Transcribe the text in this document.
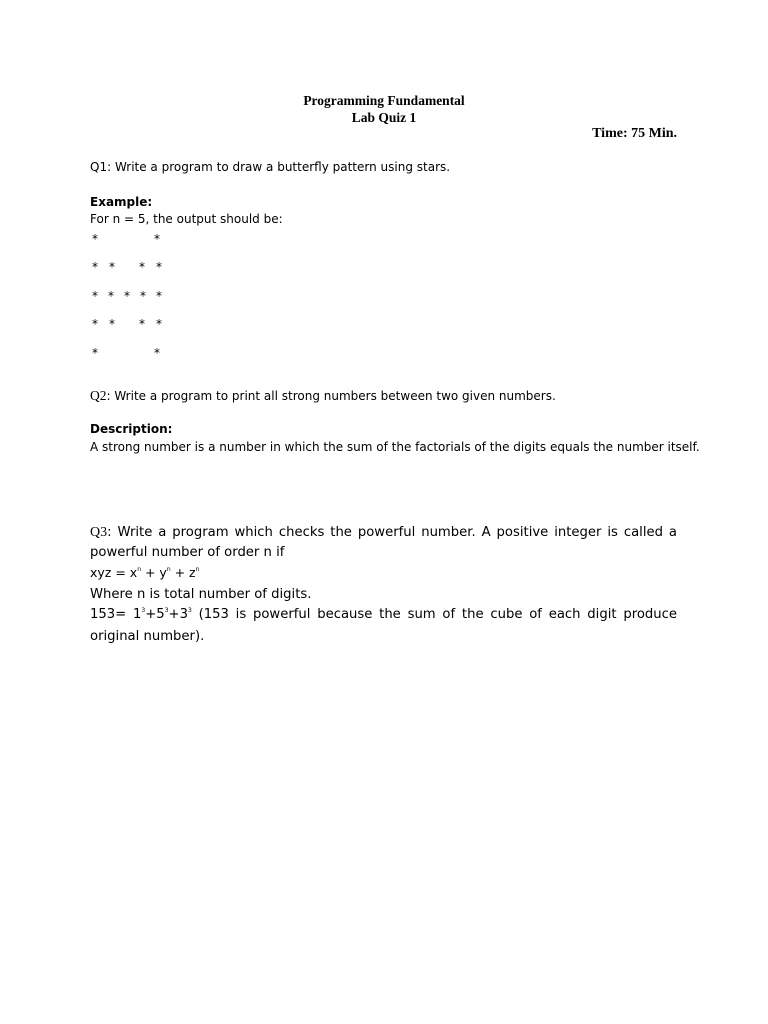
Programming Fundamental
Lab Quiz 1
Time: 75 Min.
Q1: Write a program to draw a butterfly pattern using stars.
Example:
For n = 5, the output should be:
*	*
* * * *
* * * * *
* * * *
*	*
Q2: Write a program to print all strong numbers between two given numbers.
Description:
A strong number is a number in which the sum of the factorials of the digits equals the number itself.

Q3: Write a program which checks the powerful number. A positive integer is called a powerful number of order n if

xyz = $x^n + y^n + z^n$

Where n is total number of digits.

$153= 1^3+5^3+3^3$ (153 is powerful because the sum of the cube of each digit produce original number).
